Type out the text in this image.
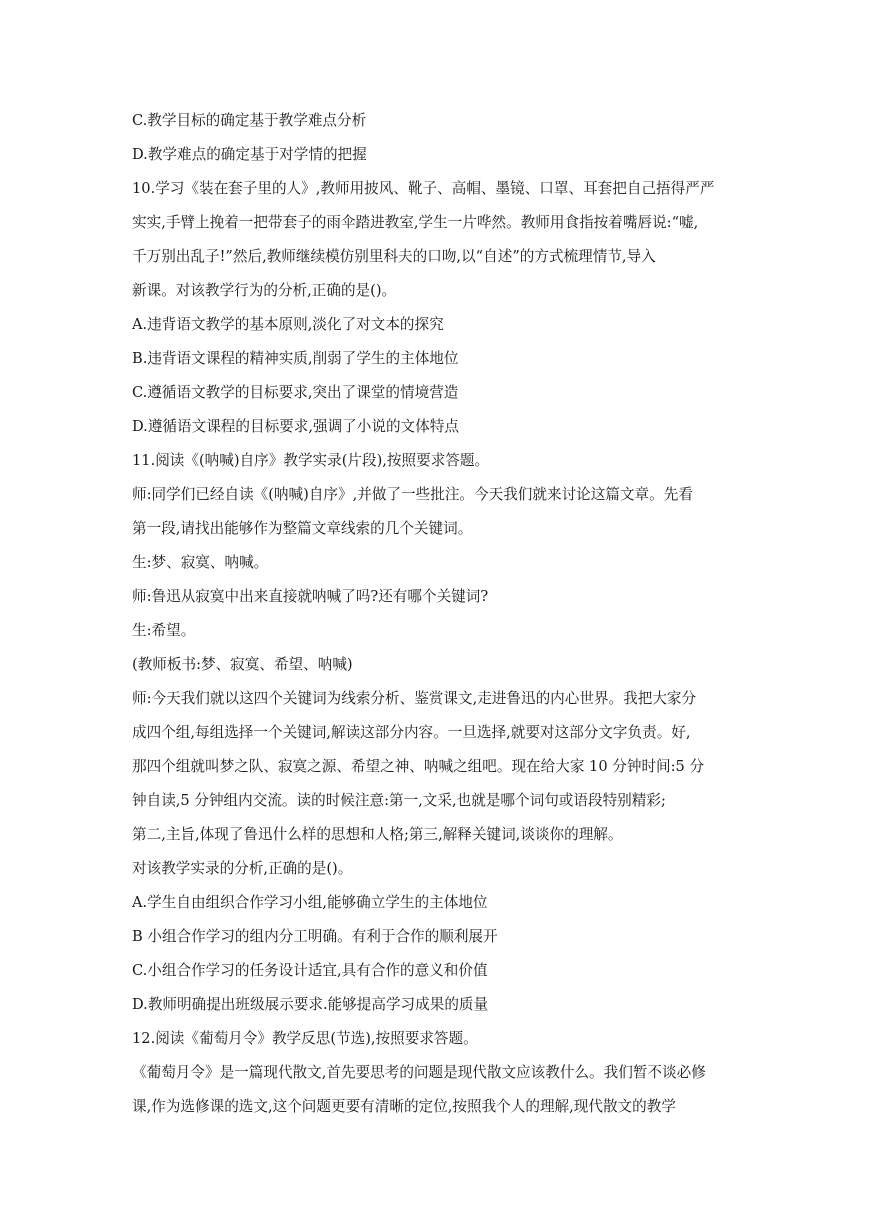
C.教学目标的确定基于教学难点分析

D.教学难点的确定基于对学情的把握

10.学习《装在套子里的人》,教师用披风、靴子、高帽、墨镜、口罩、耳套把自己捂得严严

实实,手臂上挽着一把带套子的雨伞踏进教室,学生一片哗然。教师用食指按着嘴唇说:“嘘,

千万别出乱子!”然后,教师继续模仿别里科夫的口吻,以“自述”的方式梳理情节,导入

新课。对该教学行为的分析,正确的是()。

A.违背语文教学的基本原则,淡化了对文本的探究

B.违背语文课程的精神实质,削弱了学生的主体地位

C.遵循语文教学的目标要求,突出了课堂的情境营造

D.遵循语文课程的目标要求,强调了小说的文体特点

11.阅读《(呐喊)自序》教学实录(片段),按照要求答题。

师:同学们已经自读《(呐喊)自序》,并做了一些批注。今天我们就来讨论这篇文章。先看

第一段,请找出能够作为整篇文章线索的几个关键词。

生:梦、寂寞、呐喊。

师:鲁迅从寂寞中出来直接就呐喊了吗?还有哪个关键词?

生:希望。

(教师板书:梦、寂寞、希望、呐喊)

师:今天我们就以这四个关键词为线索分析、鉴赏课文,走进鲁迅的内心世界。我把大家分

成四个组,每组选择一个关键词,解读这部分内容。一旦选择,就要对这部分文字负责。好,

那四个组就叫梦之队、寂寞之源、希望之神、呐喊之组吧。现在给大家 10 分钟时间:5 分

钟自读,5 分钟组内交流。读的时候注意:第一,文采,也就是哪个词句或语段特别精彩;

第二,主旨,体现了鲁迅什么样的思想和人格;第三,解释关键词,谈谈你的理解。

对该教学实录的分析,正确的是()。

A.学生自由组织合作学习小组,能够确立学生的主体地位

B 小组合作学习的组内分工明确。有利于合作的顺利展开

C.小组合作学习的任务设计适宜,具有合作的意义和价值

D.教师明确提出班级展示要求.能够提高学习成果的质量

12.阅读《葡萄月令》教学反思(节选),按照要求答题。

《葡萄月令》是一篇现代散文,首先要思考的问题是现代散文应该教什么。我们暂不谈必修

课,作为选修课的选文,这个问题更要有清晰的定位,按照我个人的理解,现代散文的教学
